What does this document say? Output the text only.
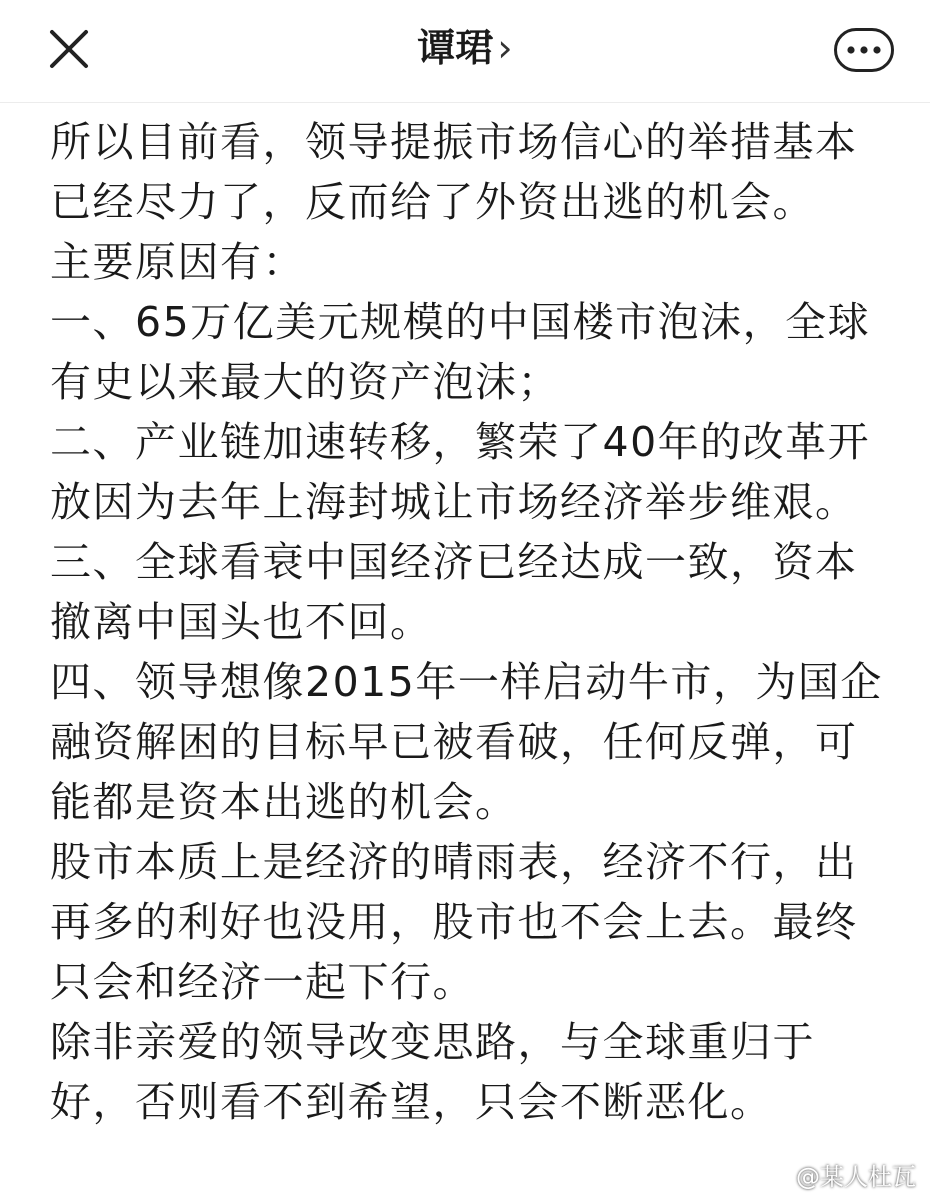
谭珺 ›
所以目前看，领导提振市场信心的举措基本
已经尽力了，反而给了外资出逃的机会。
主要原因有：
一、65万亿美元规模的中国楼市泡沫，全球
有史以来最大的资产泡沫；
二、产业链加速转移，繁荣了40年的改革开
放因为去年上海封城让市场经济举步维艰。
三、全球看衰中国经济已经达成一致，资本
撤离中国头也不回。
四、领导想像2015年一样启动牛市，为国企
融资解困的目标早已被看破，任何反弹，可
能都是资本出逃的机会。
股市本质上是经济的晴雨表，经济不行，出
再多的利好也没用，股市也不会上去。最终
只会和经济一起下行。
除非亲爱的领导改变思路，与全球重归于
好，否则看不到希望，只会不断恶化。
@某人杜瓦
